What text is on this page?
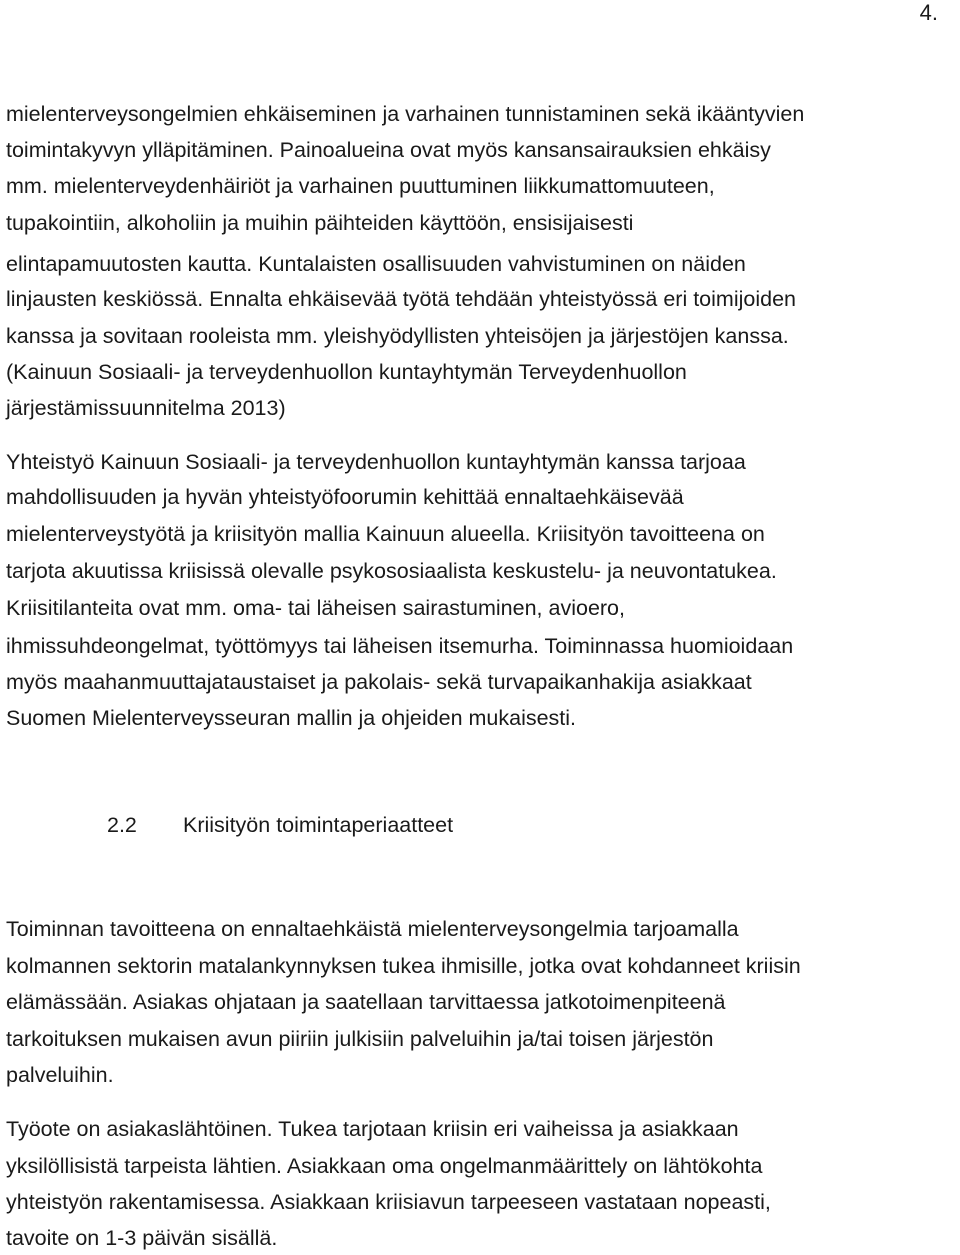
4.
mielenterveysongelmien ehkäiseminen ja varhainen tunnistaminen sekä ikääntyvien
toimintakyvyn ylläpitäminen. Painoalueina ovat myös kansansairauksien ehkäisy
mm. mielenterveydenhäiriöt ja varhainen puuttuminen liikkumattomuuteen,
tupakointiin, alkoholiin ja muihin päihteiden käyttöön, ensisijaisesti
elintapamuutosten kautta. Kuntalaisten osallisuuden vahvistuminen on näiden
linjausten keskiössä. Ennalta ehkäisevää työtä tehdään yhteistyössä eri toimijoiden
kanssa ja sovitaan rooleista mm. yleishyödyllisten yhteisöjen ja järjestöjen kanssa.
(Kainuun Sosiaali- ja terveydenhuollon kuntayhtymän Terveydenhuollon
järjestämissuunnitelma 2013)
Yhteistyö Kainuun Sosiaali- ja terveydenhuollon kuntayhtymän kanssa tarjoaa
mahdollisuuden ja hyvän yhteistyöfoorumin kehittää ennaltaehkäisevää
mielenterveystyötä ja kriisityön mallia Kainuun alueella. Kriisityön tavoitteena on
tarjota akuutissa kriisissä olevalle psykososiaalista keskustelu- ja neuvontatukea.
Kriisitilanteita ovat mm. oma- tai läheisen sairastuminen, avioero,
ihmissuhdeongelmat, työttömyys tai läheisen itsemurha. Toiminnassa huomioidaan
myös maahanmuuttajataustaiset ja pakolais- sekä turvapaikanhakija asiakkaat
Suomen Mielenterveysseuran mallin ja ohjeiden mukaisesti.
2.2 Kriisityön toimintaperiaatteet
Toiminnan tavoitteena on ennaltaehkäistä mielenterveysongelmia tarjoamalla
kolmannen sektorin matalankynnyksen tukea ihmisille, jotka ovat kohdanneet kriisin
elämässään. Asiakas ohjataan ja saatellaan tarvittaessa jatkotoimenpiteenä
tarkoituksen mukaisen avun piiriin julkisiin palveluihin ja/tai toisen järjestön
palveluihin.
Työote on asiakaslähtöinen. Tukea tarjotaan kriisin eri vaiheissa ja asiakkaan
yksilöllisistä tarpeista lähtien. Asiakkaan oma ongelmanmäärittely on lähtökohta
yhteistyön rakentamisessa. Asiakkaan kriisiavun tarpeeseen vastataan nopeasti,
tavoite on 1-3 päivän sisällä.
